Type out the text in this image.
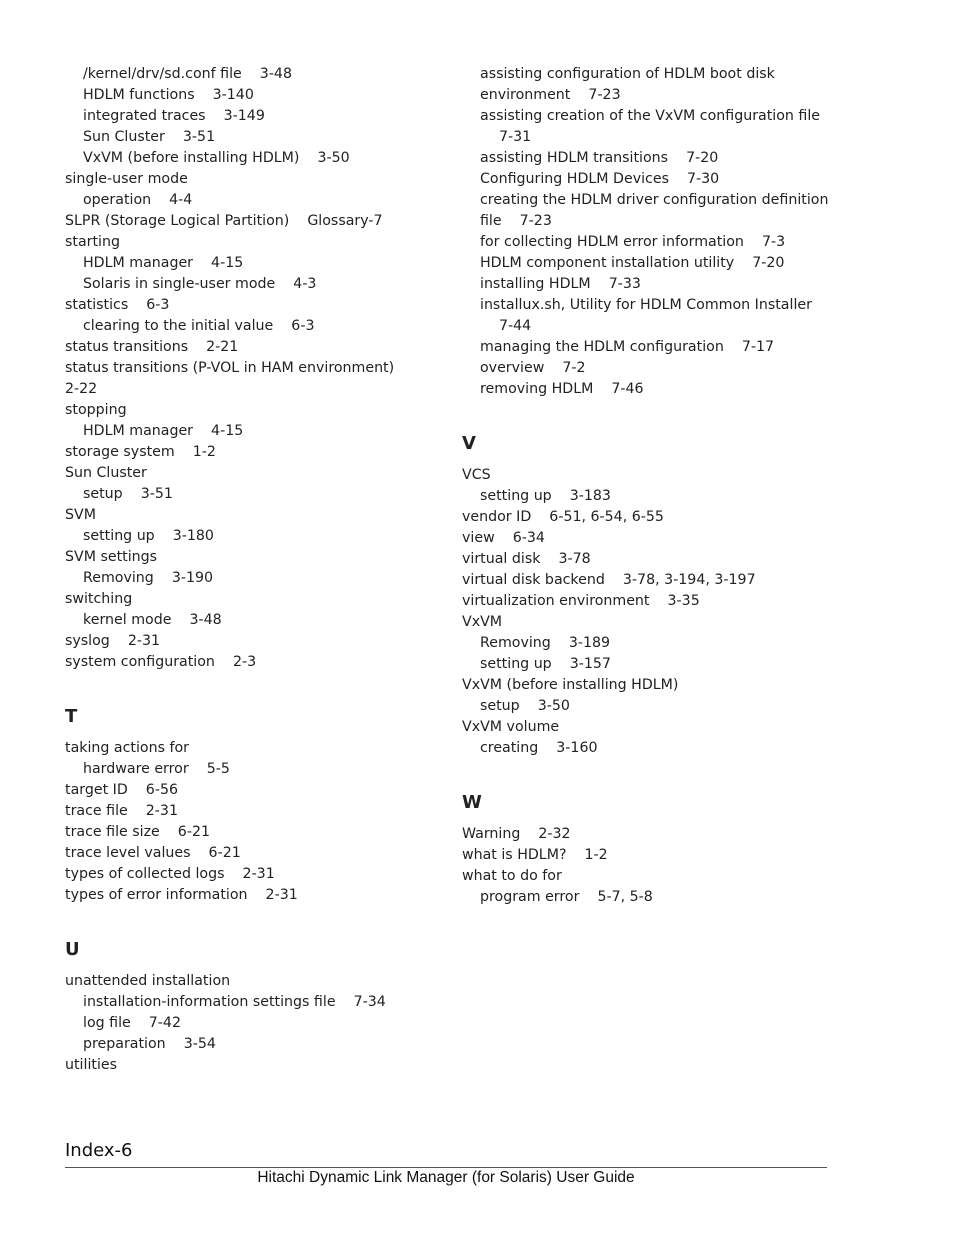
/kernel/drv/sd.conf file    3-48
HDLM functions    3-140
integrated traces    3-149
Sun Cluster    3-51
VxVM (before installing HDLM)    3-50
single-user mode
operation    4-4
SLPR (Storage Logical Partition)    Glossary-7
starting
HDLM manager    4-15
Solaris in single-user mode    4-3
statistics    6-3
clearing to the initial value    6-3
status transitions    2-21
status transitions (P-VOL in HAM environment)
2-22
stopping
HDLM manager    4-15
storage system    1-2
Sun Cluster
setup    3-51
SVM
setting up    3-180
SVM settings
Removing    3-190
switching
kernel mode    3-48
syslog    2-31
system configuration    2-3
T
taking actions for
hardware error    5-5
target ID    6-56
trace file    2-31
trace file size    6-21
trace level values    6-21
types of collected logs    2-31
types of error information    2-31
U
unattended installation
installation-information settings file    7-34
log file    7-42
preparation    3-54
utilities
assisting configuration of HDLM boot disk
environment    7-23
assisting creation of the VxVM configuration file
7-31
assisting HDLM transitions    7-20
Configuring HDLM Devices    7-30
creating the HDLM driver configuration definition
file    7-23
for collecting HDLM error information    7-3
HDLM component installation utility    7-20
installing HDLM    7-33
installux.sh, Utility for HDLM Common Installer
7-44
managing the HDLM configuration    7-17
overview    7-2
removing HDLM    7-46
V
VCS
setting up    3-183
vendor ID    6-51, 6-54, 6-55
view    6-34
virtual disk    3-78
virtual disk backend    3-78, 3-194, 3-197
virtualization environment    3-35
VxVM
Removing    3-189
setting up    3-157
VxVM (before installing HDLM)
setup    3-50
VxVM volume
creating    3-160
W
Warning    2-32
what is HDLM?    1-2
what to do for
program error    5-7, 5-8
Index-6
Hitachi Dynamic Link Manager (for Solaris) User Guide
